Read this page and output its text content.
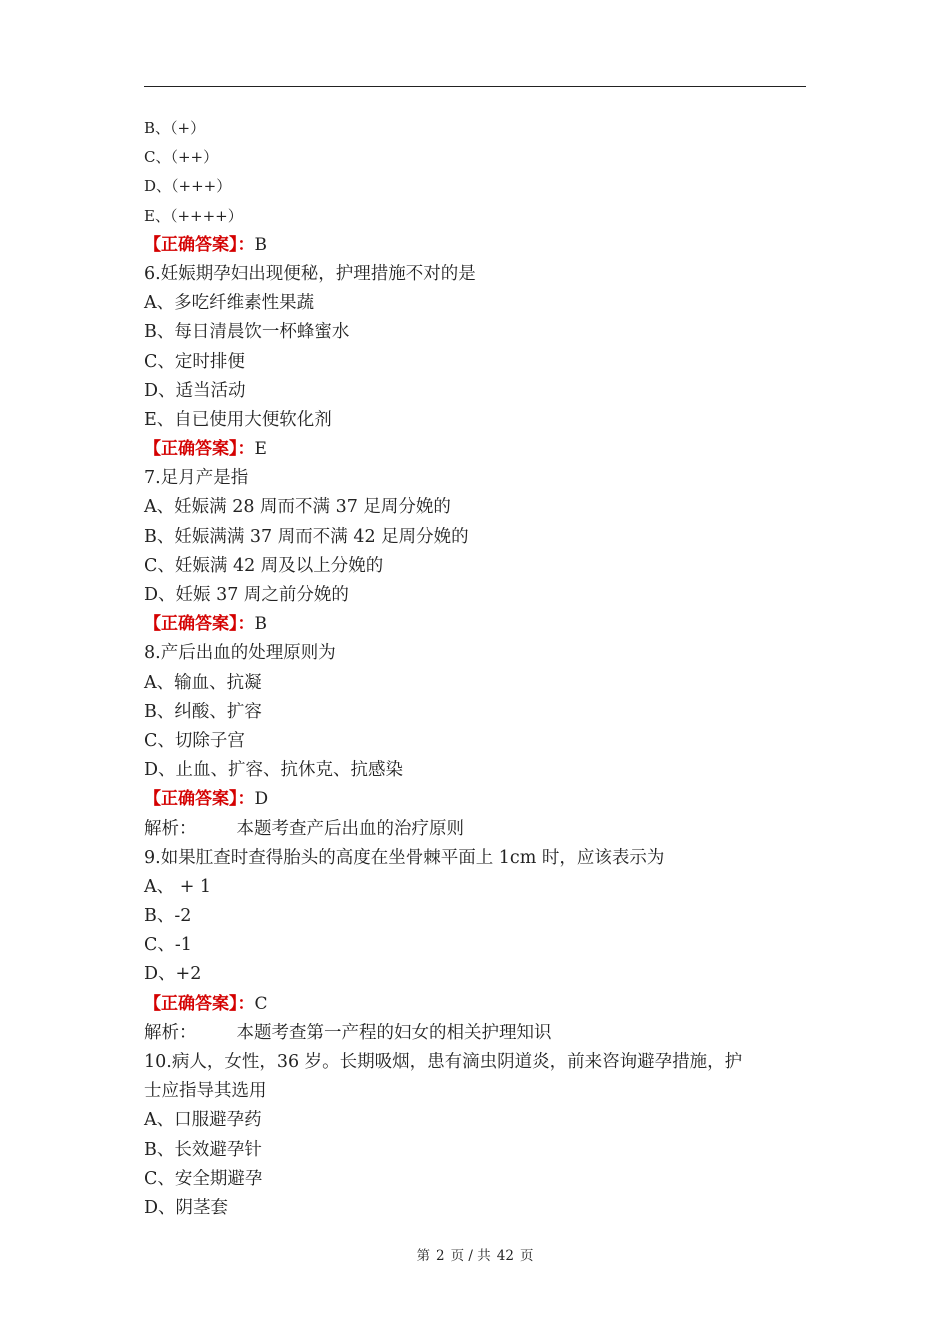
B、（+）
C、（++）
D、（+++）
E、（++++）
【正确答案】：B
6.妊娠期孕妇出现便秘，护理措施不对的是
A、多吃纤维素性果蔬
B、每日清晨饮一杯蜂蜜水
C、定时排便
D、适当活动
E、自已使用大便软化剂
【正确答案】：E
7.足月产是指
A、妊娠满 28 周而不满 37 足周分娩的
B、妊娠满满 37 周而不满 42 足周分娩的
C、妊娠满 42 周及以上分娩的
D、妊娠 37 周之前分娩的
【正确答案】：B
8.产后出血的处理原则为
A、输血、抗凝
B、纠酸、扩容
C、切除子宫
D、止血、扩容、抗休克、抗感染
【正确答案】：D
解析： 本题考查产后出血的治疗原则
9.如果肛查时查得胎头的高度在坐骨棘平面上 1cm 时，应该表示为
A、 + 1
B、-2
C、-1
D、+2
【正确答案】：C
解析： 本题考查第一产程的妇女的相关护理知识
10.病人，女性，36 岁。长期吸烟，患有滴虫阴道炎，前来咨询避孕措施，护
士应指导其选用
A、口服避孕药
B、长效避孕针
C、安全期避孕
D、阴茎套
第 2 页 / 共 42 页
